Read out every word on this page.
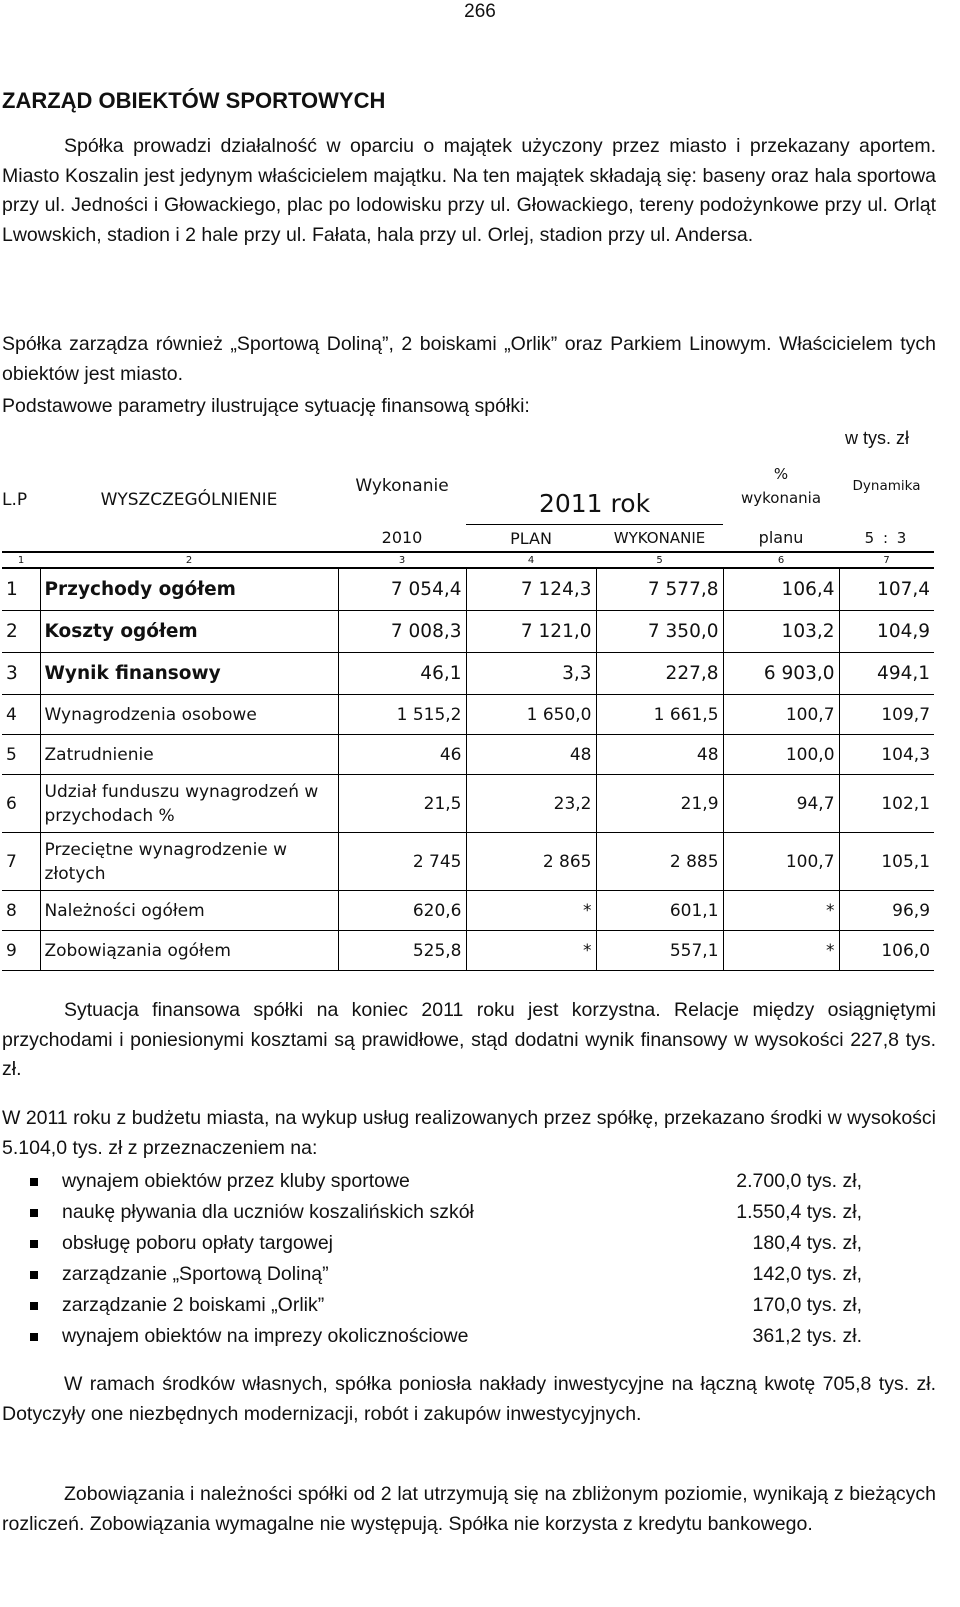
266
ZARZĄD OBIEKTÓW SPORTOWYCH

Spółka prowadzi działalność w oparciu o majątek użyczony przez miasto i przekazany aportem. Miasto Koszalin jest jedynym właścicielem majątku. Na ten majątek składają się: baseny oraz hala sportowa przy ul. Jedności i Głowackiego, plac po lodowisku przy ul. Głowackiego, tereny podożynkowe przy ul. Orląt Lwowskich, stadion i 2 hale przy ul. Fałata, hala przy ul. Orlej, stadion przy ul. Andersa.

Spółka zarządza również „Sportową Doliną”, 2 boiskami „Orlik” oraz Parkiem Linowym. Właścicielem tych obiektów jest miasto.

Podstawowe parametry ilustrujące sytuację finansową spółki:

w tys. zł
L.P	WYSZCZEGÓLNIENIE	Wykonanie	2011 rok		%
wykonania	Dynamika
		2010	PLAN	WYKONANIE	planu	5 : 3
1	2	3	4	5	6	7
1	Przychody ogółem	7 054,4	7 124,3	7 577,8	106,4	107,4
2	Koszty ogółem	7 008,3	7 121,0	7 350,0	103,2	104,9
3	Wynik finansowy	46,1	3,3	227,8	6 903,0	494,1
4	Wynagrodzenia osobowe	1 515,2	1 650,0	1 661,5	100,7	109,7
5	Zatrudnienie	46	48	48	100,0	104,3
6	Udział funduszu wynagrodzeń w przychodach %	21,5	23,2	21,9	94,7	102,1
7	Przeciętne wynagrodzenie w złotych	2 745	2 865	2 885	100,7	105,1
8	Należności ogółem	620,6	*	601,1	*	96,9
9	Zobowiązania ogółem	525,8	*	557,1	*	106,0

Sytuacja finansowa spółki na koniec 2011 roku jest korzystna. Relacje między osiągniętymi przychodami i poniesionymi kosztami są prawidłowe, stąd dodatni wynik finansowy w wysokości 227,8 tys. zł.

W 2011 roku z budżetu miasta, na wykup usług realizowanych przez spółkę, przekazano środki w wysokości 5.104,0 tys. zł z przeznaczeniem na:

wynajem obiektów przez kluby sportowe	2.700,0 tys. zł,
naukę pływania dla uczniów koszalińskich szkół	1.550,4 tys. zł,
obsługę poboru opłaty targowej	180,4 tys. zł,
zarządzanie „Sportową Doliną”	142,0 tys. zł,
zarządzanie 2 boiskami „Orlik”	170,0 tys. zł,
wynajem obiektów na imprezy okolicznościowe	361,2 tys. zł.

W ramach środków własnych, spółka poniosła nakłady inwestycyjne na łączną kwotę 705,8 tys. zł. Dotyczyły one niezbędnych modernizacji, robót i zakupów inwestycyjnych.

Zobowiązania i należności spółki od 2 lat utrzymują się na zbliżonym poziomie, wynikają z bieżących rozliczeń. Zobowiązania wymagalne nie występują. Spółka nie korzysta z kredytu bankowego.
